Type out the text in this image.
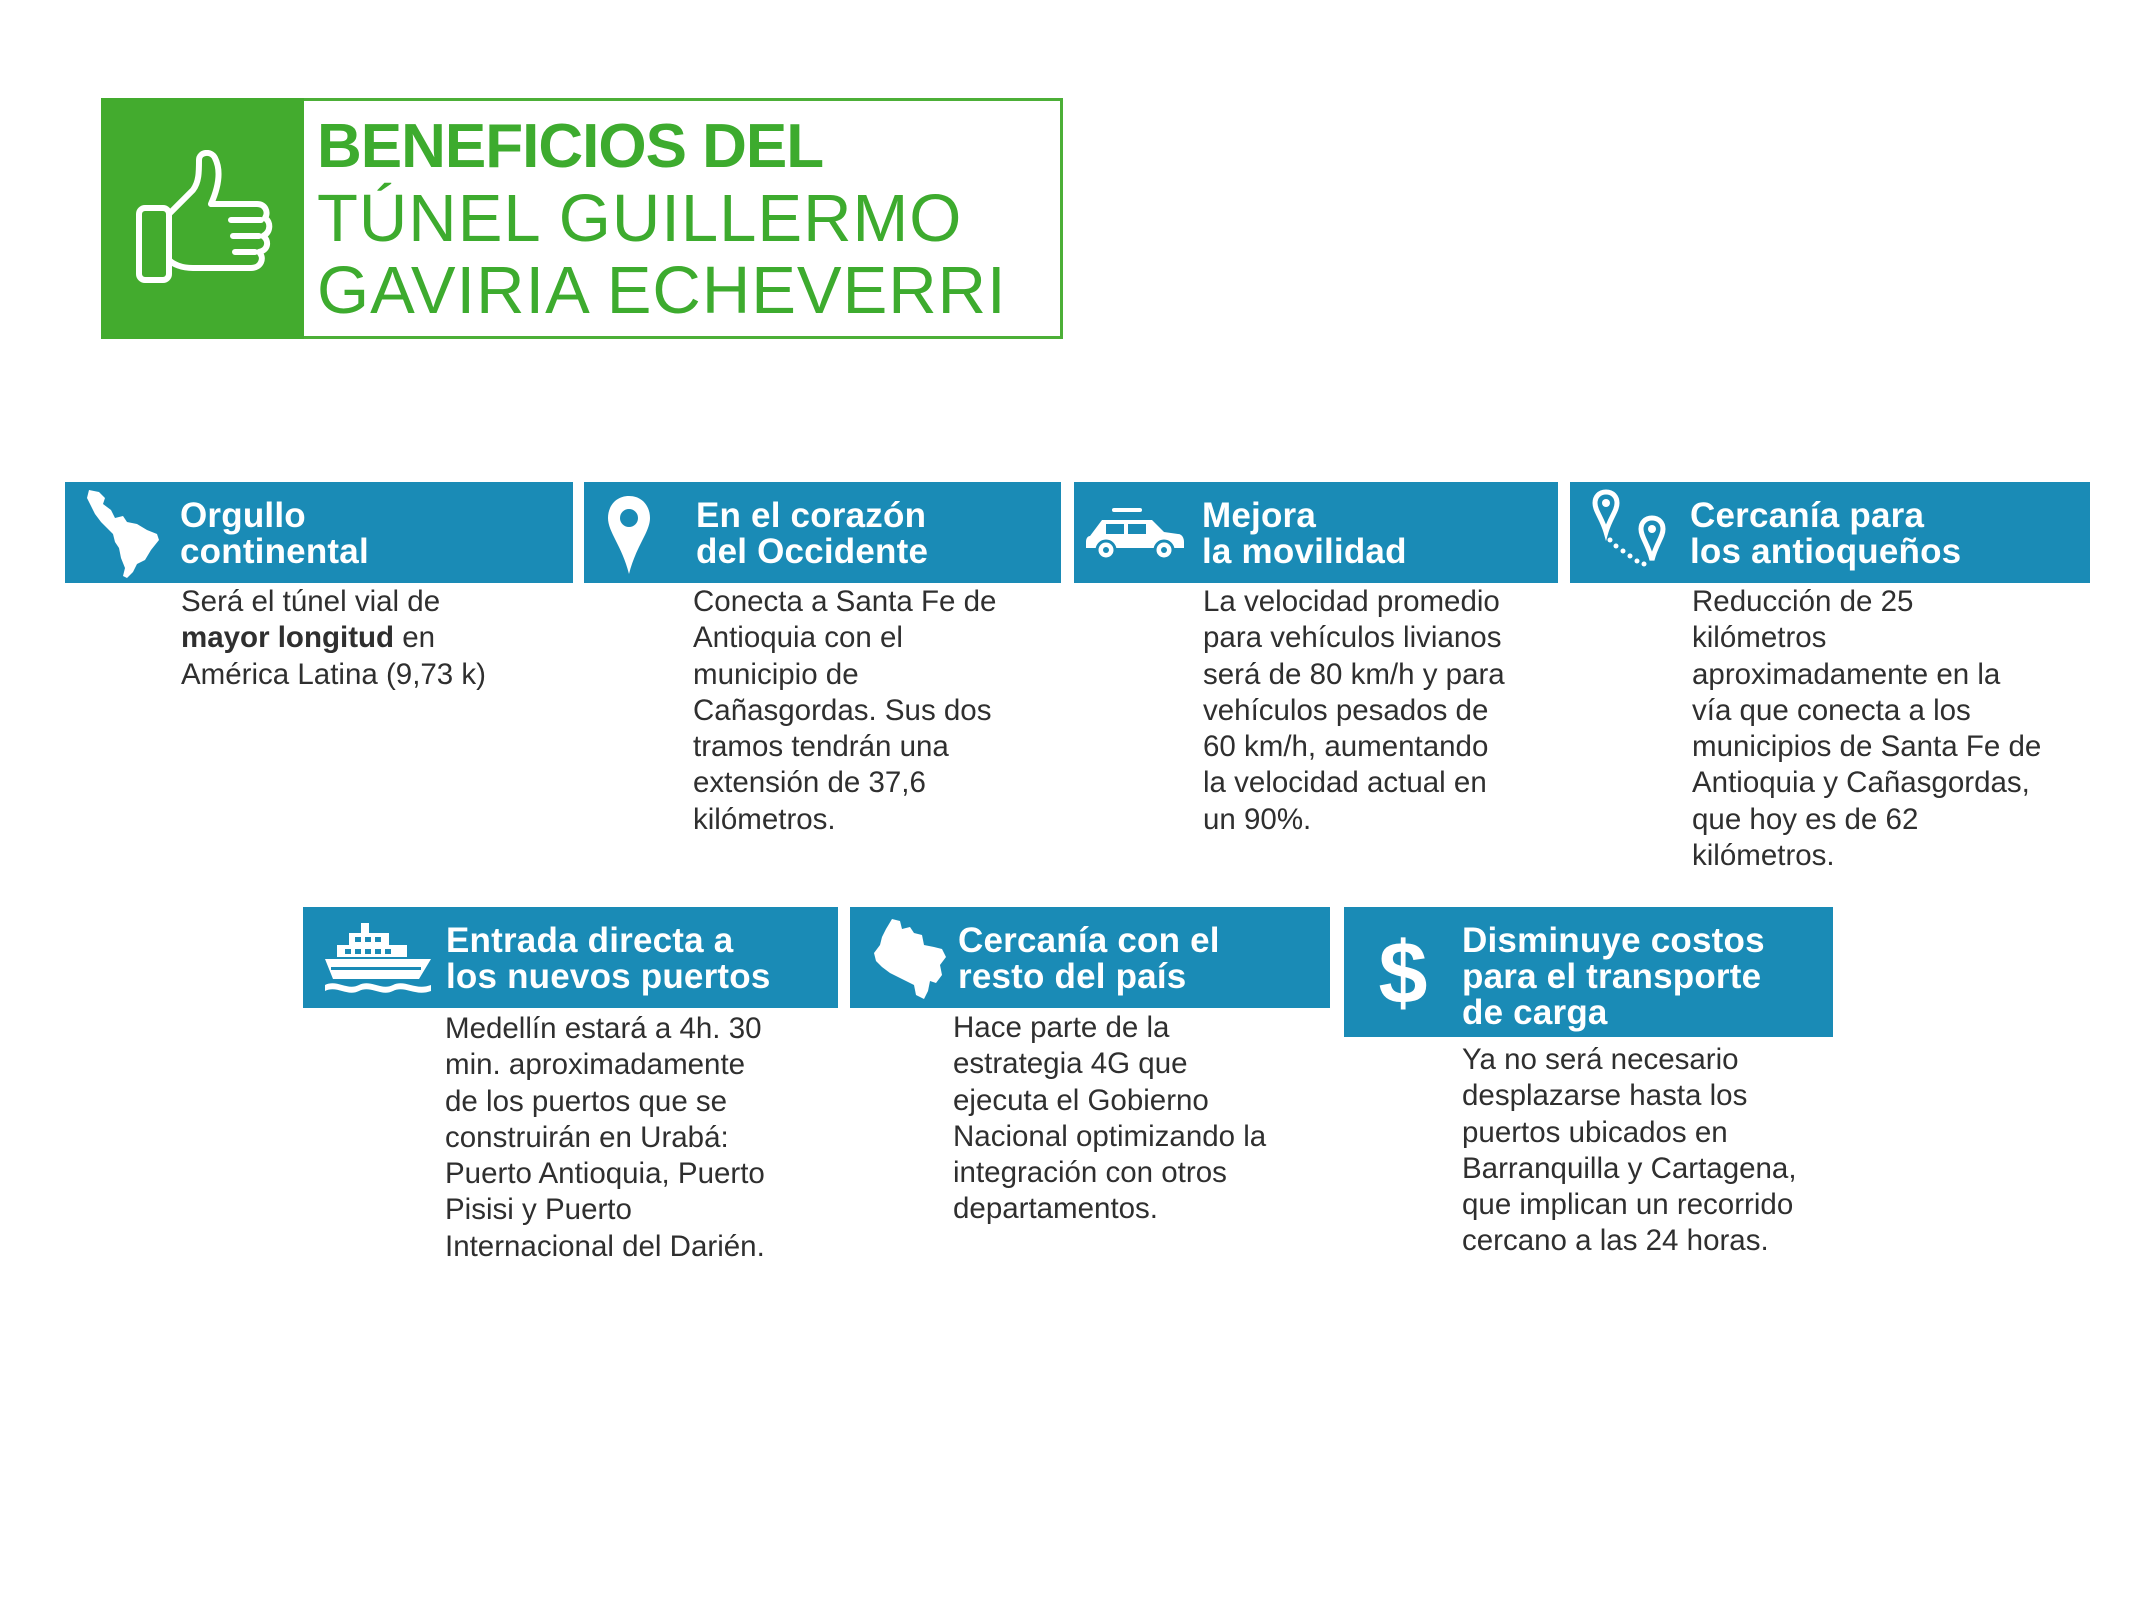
BENEFICIOS DEL
TÚNEL GUILLERMO
GAVIRIA ECHEVERRI
Orgullo
continental
Será el túnel vial de
mayor longitud en
América Latina (9,73 k)
En el corazón
del Occidente
Conecta a Santa Fe de
Antioquia con el
municipio de
Cañasgordas. Sus dos
tramos tendrán una
extensión de 37,6
kilómetros.
Mejora
la movilidad
La velocidad promedio
para vehículos livianos
será de 80 km/h y para
vehículos pesados de
60 km/h, aumentando
la velocidad actual en
un 90%.
Cercanía para
los antioqueños
Reducción de 25
kilómetros
aproximadamente en la
vía que conecta a los
municipios de Santa Fe de
Antioquia y Cañasgordas,
que hoy es de 62
kilómetros.
Entrada directa a
los nuevos puertos
Medellín estará a 4h. 30
min. aproximadamente
de los puertos que se
construirán en Urabá:
Puerto Antioquia, Puerto
Pisisi y Puerto
Internacional del Darién.
Cercanía con el
resto del país
Hace parte de la
estrategia 4G que
ejecuta el Gobierno
Nacional optimizando la
integración con otros
departamentos.
$ Disminuye costos
para el transporte
de carga
Ya no será necesario
desplazarse hasta los
puertos ubicados en
Barranquilla y Cartagena,
que implican un recorrido
cercano a las 24 horas.
